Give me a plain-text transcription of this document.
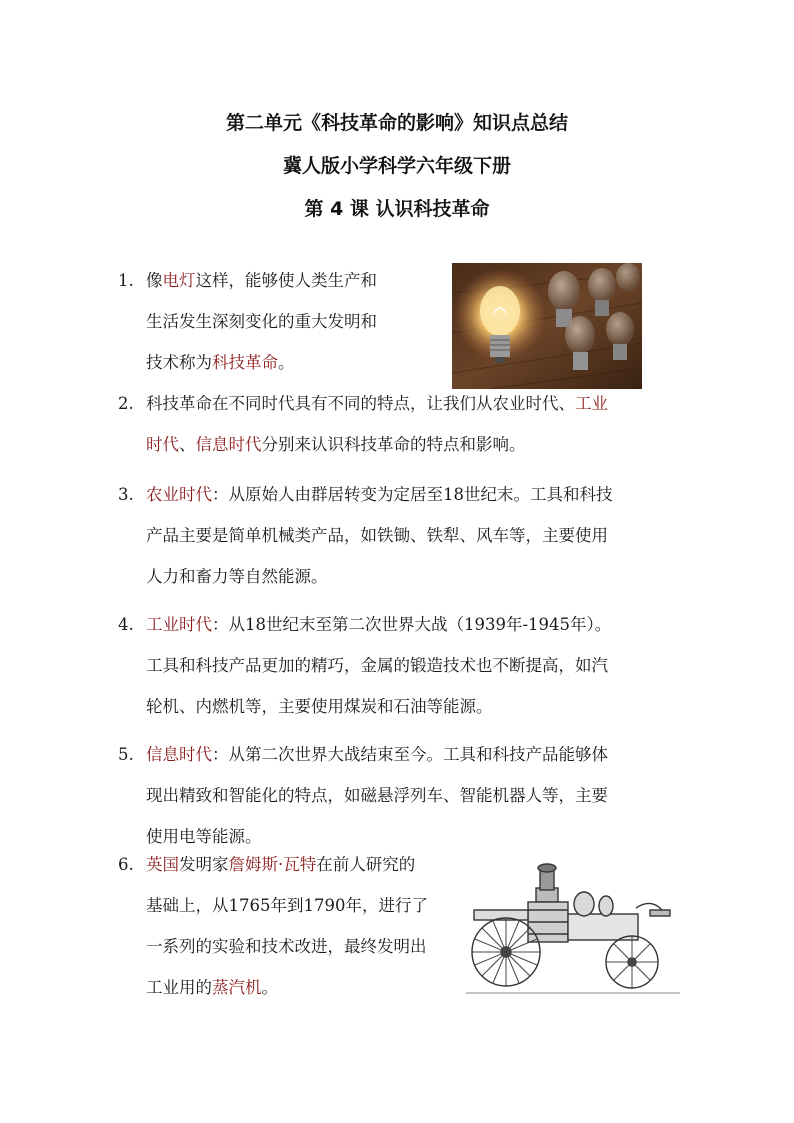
第二单元《科技革命的影响》知识点总结
冀人版小学科学六年级下册
第 4 课 认识科技革命
1. 像电灯这样，能够使人类生产和
生活发生深刻变化的重大发明和
技术称为科技革命。
2. 科技革命在不同时代具有不同的特点，让我们从农业时代、工业
时代、信息时代分别来认识科技革命的特点和影响。
3. 农业时代：从原始人由群居转变为定居至18世纪末。工具和科技
产品主要是简单机械类产品，如铁锄、铁犁、风车等，主要使用
人力和畜力等自然能源。
4. 工业时代：从18世纪末至第二次世界大战（1939年-1945年）。
工具和科技产品更加的精巧，金属的锻造技术也不断提高，如汽
轮机、内燃机等，主要使用煤炭和石油等能源。
5. 信息时代：从第二次世界大战结束至今。工具和科技产品能够体
现出精致和智能化的特点，如磁悬浮列车、智能机器人等，主要
使用电等能源。
6. 英国发明家詹姆斯·瓦特在前人研究的
基础上，从1765年到1790年，进行了
一系列的实验和技术改进，最终发明出
工业用的蒸汽机。
